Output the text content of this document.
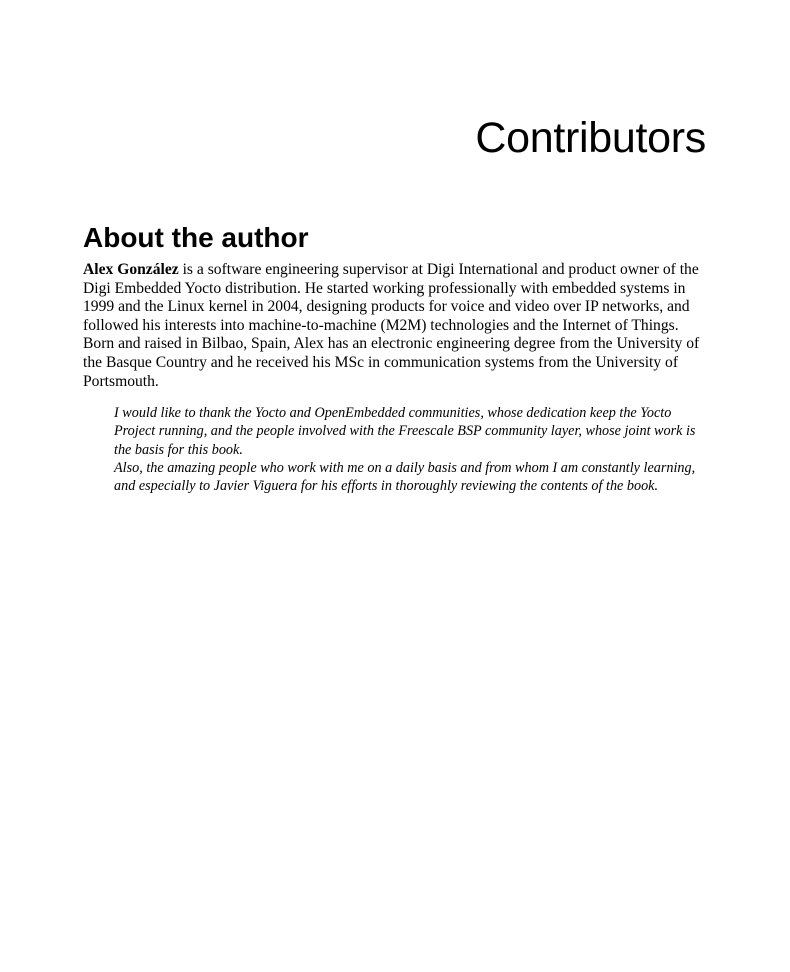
Contributors
About the author

Alex González is a software engineering supervisor at Digi International and product owner of the Digi Embedded Yocto distribution. He started working professionally with embedded systems in 1999 and the Linux kernel in 2004, designing products for voice and video over IP networks, and followed his interests into machine-to-machine (M2M) technologies and the Internet of Things. Born and raised in Bilbao, Spain, Alex has an electronic engineering degree from the University of the Basque Country and he received his MSc in communication systems from the University of Portsmouth.

I would like to thank the Yocto and OpenEmbedded communities, whose dedication keep the Yocto Project running, and the people involved with the Freescale BSP community layer, whose joint work is the basis for this book.

Also, the amazing people who work with me on a daily basis and from whom I am constantly learning, and especially to Javier Viguera for his efforts in thoroughly reviewing the contents of the book.
